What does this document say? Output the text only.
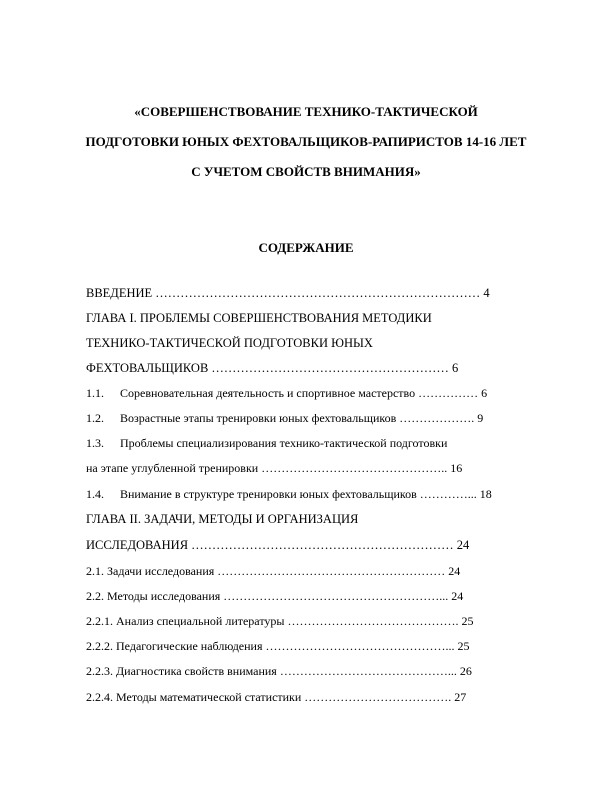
«СОВЕРШЕНСТВОВАНИЕ ТЕХНИКО-ТАКТИЧЕСКОЙ
ПОДГОТОВКИ ЮНЫХ ФЕХТОВАЛЬЩИКОВ-РАПИРИСТОВ 14-16 ЛЕТ
С УЧЕТОМ СВОЙСТВ ВНИМАНИЯ»
СОДЕРЖАНИЕ
ВВЕДЕНИЕ …………………………………………………………………… 4
ГЛАВА I. ПРОБЛЕМЫ СОВЕРШЕНСТВОВАНИЯ МЕТОДИКИ
ТЕХНИКО-ТАКТИЧЕСКОЙ ПОДГОТОВКИ ЮНЫХ
ФЕХТОВАЛЬЩИКОВ ………………………………………………… 6
1.1. Соревновательная деятельность и спортивное мастерство …………… 6
1.2. Возрастные этапы тренировки юных фехтовальщиков ………………. 9
1.3. Проблемы специализирования технико-тактической подготовки
на этапе углубленной тренировки ……………………………………….. 16
1.4. Внимание в структуре тренировки юных фехтовальщиков …………... 18
ГЛАВА II. ЗАДАЧИ, МЕТОДЫ И ОРГАНИЗАЦИЯ
ИССЛЕДОВАНИЯ ……………………………………………………… 24
2.1. Задачи исследования ………………………………………………… 24
2.2. Методы исследования ………………………………………………... 24
2.2.1. Анализ специальной литературы ……………………………………. 25
2.2.2. Педагогические наблюдения ………………………………………... 25
2.2.3. Диагностика свойств внимания ……………………………………... 26
2.2.4. Методы математической статистики ………………………………. 27
